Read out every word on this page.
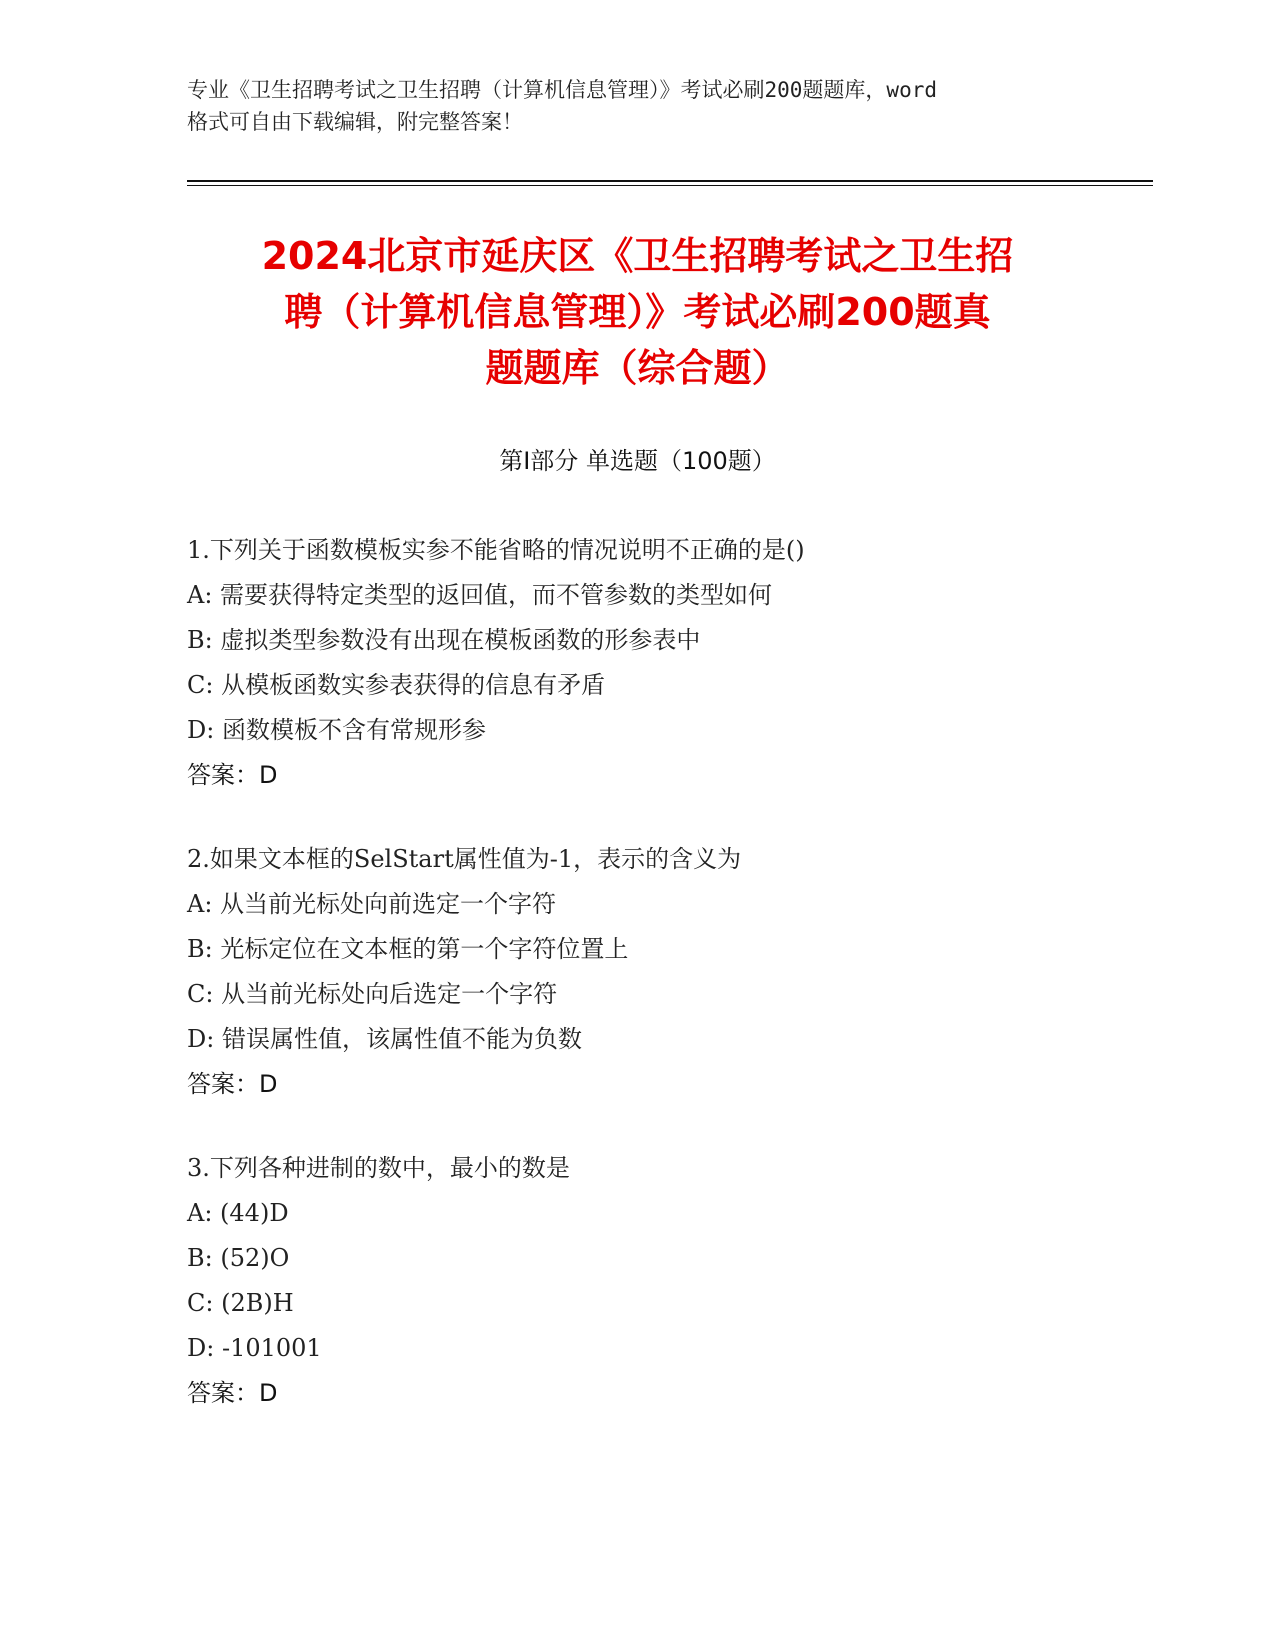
专业《卫生招聘考试之卫生招聘（计算机信息管理）》考试必刷200题题库，word
格式可自由下载编辑，附完整答案！
2024北京市延庆区《卫生招聘考试之卫生招
聘（计算机信息管理）》考试必刷200题真
题题库（综合题）
第Ⅰ部分 单选题（100题）
1.下列关于函数模板实参不能省略的情况说明不正确的是()
A: 需要获得特定类型的返回值，而不管参数的类型如何
B: 虚拟类型参数没有出现在模板函数的形参表中
C: 从模板函数实参表获得的信息有矛盾
D: 函数模板不含有常规形参
答案：D
2.如果文本框的SelStart属性值为-1，表示的含义为
A: 从当前光标处向前选定一个字符
B: 光标定位在文本框的第一个字符位置上
C: 从当前光标处向后选定一个字符
D: 错误属性值，该属性值不能为负数
答案：D
3.下列各种进制的数中，最小的数是
A: (44)D
B: (52)O
C: (2B)H
D: -101001
答案：D
